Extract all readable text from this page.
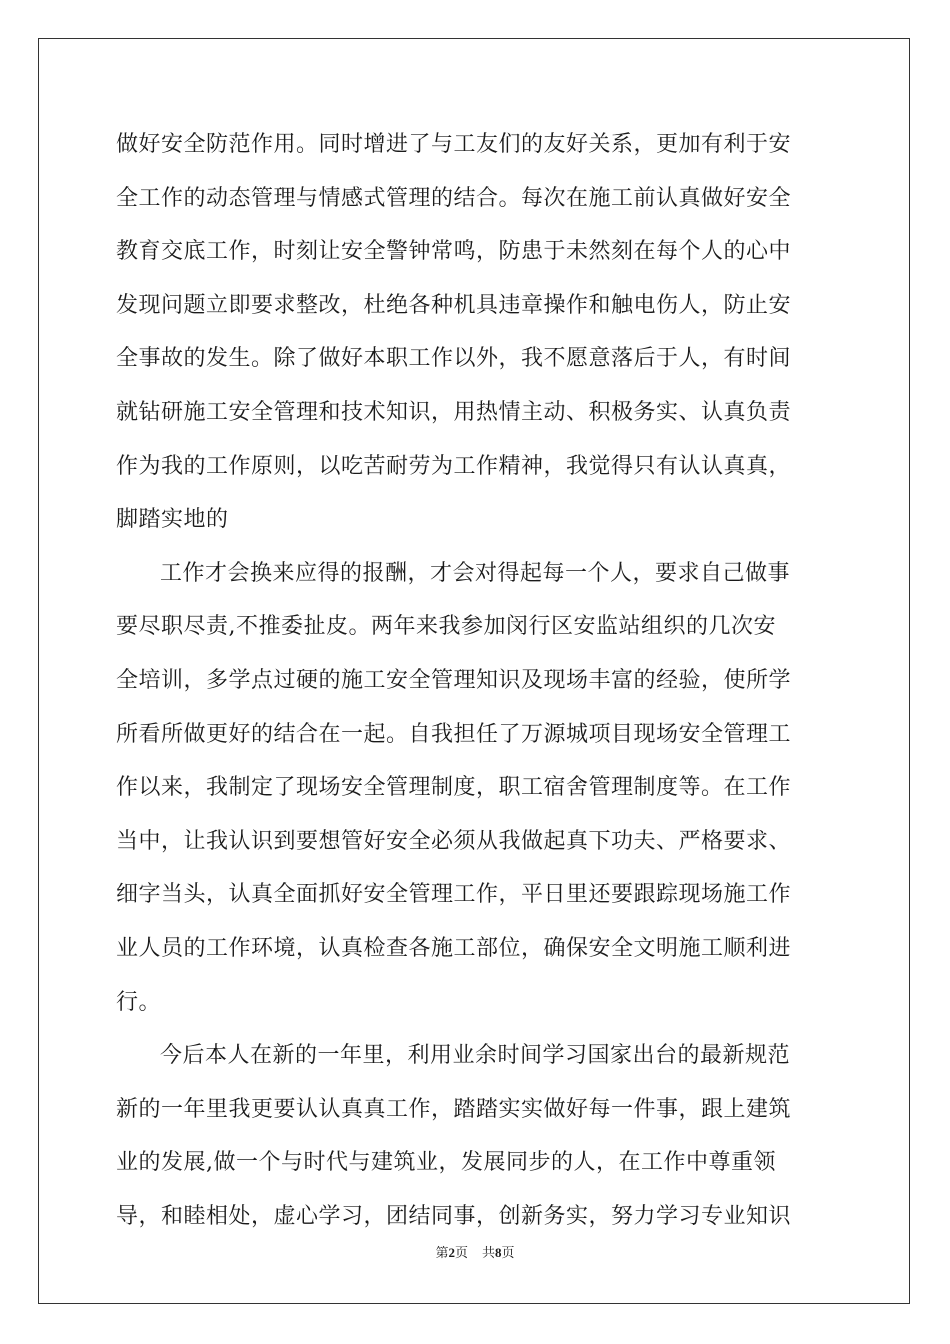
做好安全防范作用。同时增进了与工友们的友好关系，更加有利于安
全工作的动态管理与情感式管理的结合。每次在施工前认真做好安全
教育交底工作，时刻让安全警钟常鸣，防患于未然刻在每个人的心中
发现问题立即要求整改，杜绝各种机具违章操作和触电伤人，防止安
全事故的发生。除了做好本职工作以外，我不愿意落后于人，有时间
就钻研施工安全管理和技术知识，用热情主动、积极务实、认真负责
作为我的工作原则，以吃苦耐劳为工作精神，我觉得只有认认真真，
脚踏实地的
工作才会换来应得的报酬，才会对得起每一个人，要求自己做事
要尽职尽责,不推委扯皮。两年来我参加闵行区安监站组织的几次安
全培训，多学点过硬的施工安全管理知识及现场丰富的经验，使所学
所看所做更好的结合在一起。自我担任了万源城项目现场安全管理工
作以来，我制定了现场安全管理制度，职工宿舍管理制度等。在工作
当中，让我认识到要想管好安全必须从我做起真下功夫、严格要求、
细字当头，认真全面抓好安全管理工作，平日里还要跟踪现场施工作
业人员的工作环境，认真检查各施工部位，确保安全文明施工顺利进
行。
今后本人在新的一年里，利用业余时间学习国家出台的最新规范
新的一年里我更要认认真真工作，踏踏实实做好每一件事，跟上建筑
业的发展,做一个与时代与建筑业，发展同步的人，在工作中尊重领
导，和睦相处，虚心学习，团结同事，创新务实，努力学习专业知识
第2页 共8页
